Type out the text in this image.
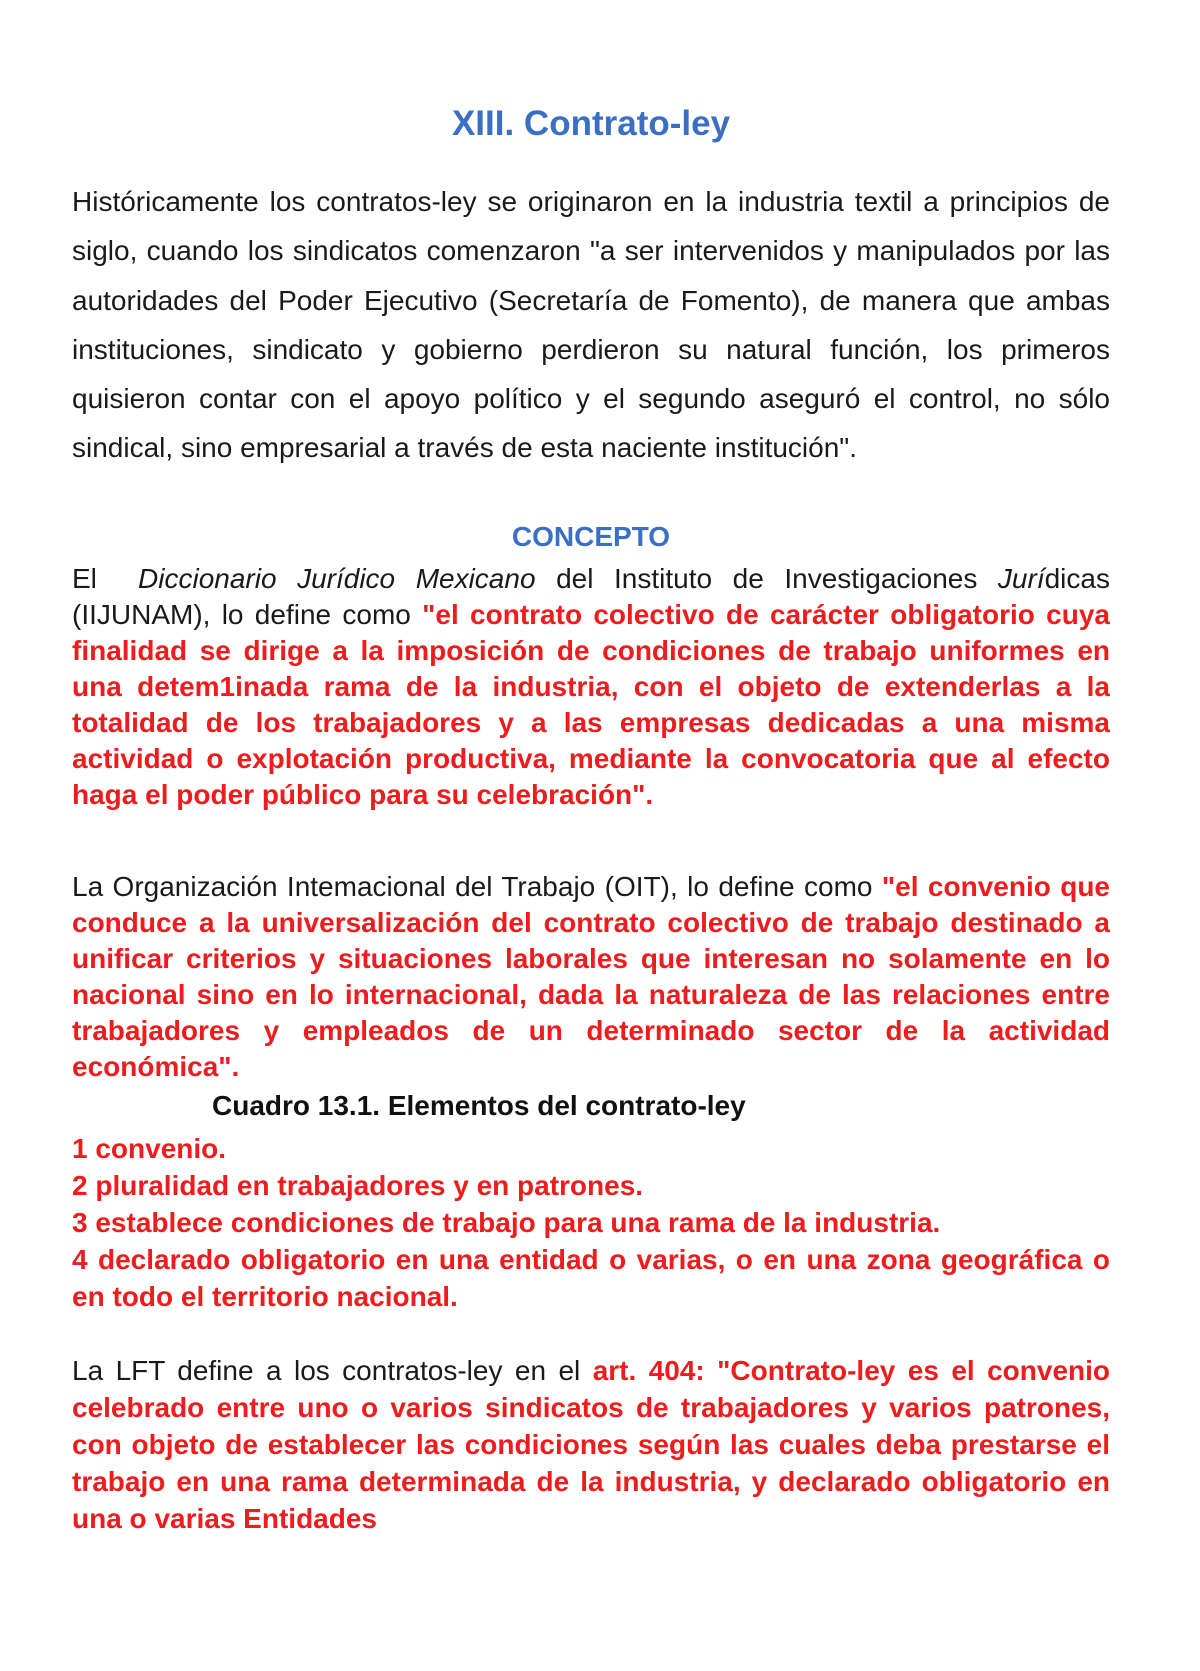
XIII. Contrato-ley

Históricamente los contratos-ley se originaron en la industria textil a principios de siglo, cuando los sindicatos comenzaron "a ser intervenidos y manipulados por las autoridades del Poder Ejecutivo (Secretaría de Fomento), de manera que ambas instituciones, sindicato y gobierno perdieron su natural función, los primeros quisieron contar con el apoyo político y el segundo aseguró el control, no sólo sindical, sino empresarial a través de esta naciente institución".

CONCEPTO

El Diccionario Jurídico Mexicano del Instituto de Investigaciones Jurídicas (IIJUNAM), lo define como "el contrato colectivo de carácter obligatorio cuya finalidad se dirige a la imposición de condiciones de trabajo uniformes en una detem1inada rama de la industria, con el objeto de extenderlas a la totalidad de los trabajadores y a las empresas dedicadas a una misma actividad o explotación productiva, mediante la convocatoria que al efecto haga el poder público para su celebración".

La Organización Intemacional del Trabajo (OIT), lo define como "el convenio que conduce a la universalización del contrato colectivo de trabajo destinado a unificar criterios y situaciones laborales que interesan no solamente en lo nacional sino en lo internacional, dada la naturaleza de las relaciones entre trabajadores y empleados de un determinado sector de la actividad económica".

Cuadro 13.1. Elementos del contrato-ley

1 convenio.
2 pluralidad en trabajadores y en patrones.
3 establece condiciones de trabajo para una rama de la industria.
4 declarado obligatorio en una entidad o varias, o en una zona geográfica o en todo el territorio nacional.

La LFT define a los contratos-ley en el art. 404: "Contrato-ley es el convenio celebrado entre uno o varios sindicatos de trabajadores y varios patrones, con objeto de establecer las condiciones según las cuales deba prestarse el trabajo en una rama determinada de la industria, y declarado obligatorio en una o varias Entidades
